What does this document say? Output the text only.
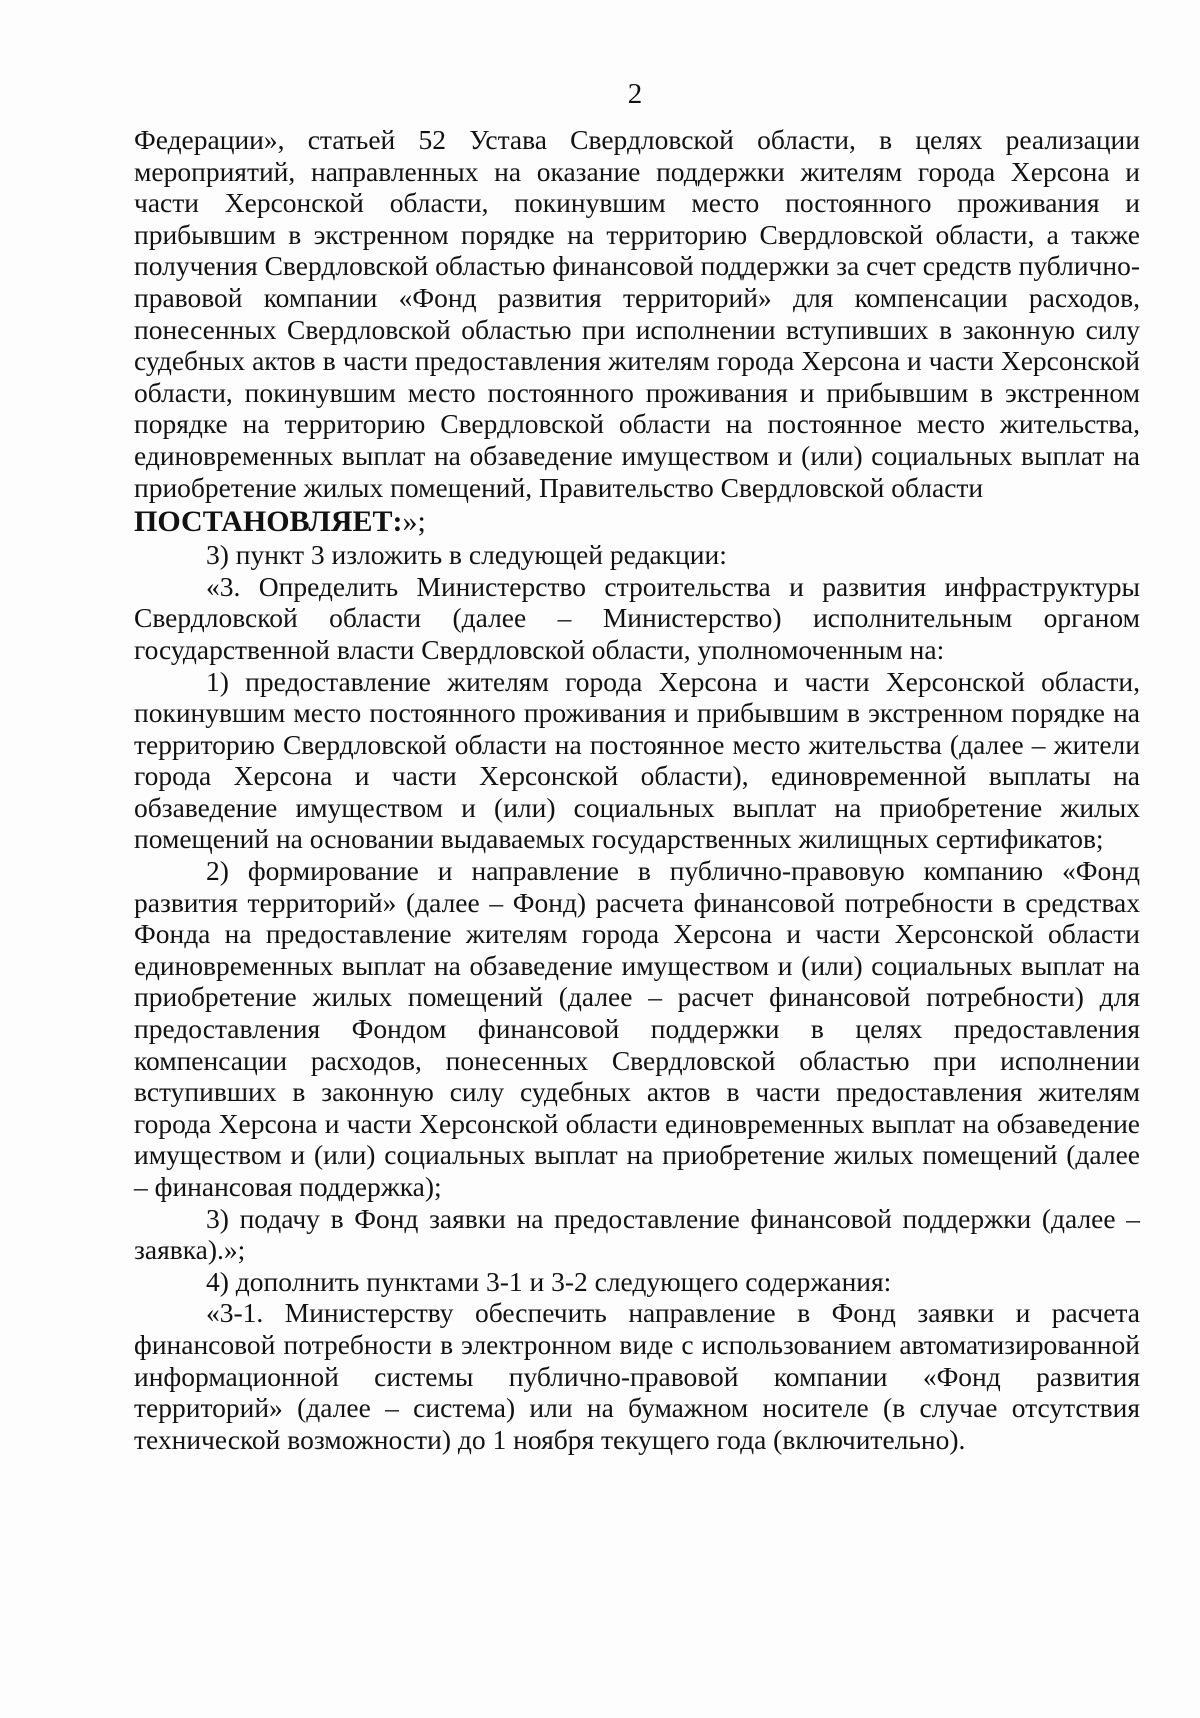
2

Федерации», статьей 52 Устава Свердловской области, в целях реализации мероприятий, направленных на оказание поддержки жителям города Херсона и части Херсонской области, покинувшим место постоянного проживания и прибывшим в экстренном порядке на территорию Свердловской области, а также получения Свердловской областью финансовой поддержки за счет средств публично-правовой компании «Фонд развития территорий» для компенсации расходов, понесенных Свердловской областью при исполнении вступивших в законную силу судебных актов в части предоставления жителям города Херсона и части Херсонской области, покинувшим место постоянного проживания и прибывшим в экстренном порядке на территорию Свердловской области на постоянное место жительства, единовременных выплат на обзаведение имуществом и (или) социальных выплат на приобретение жилых помещений, Правительство Свердловской области

ПОСТАНОВЛЯЕТ:»;

3) пункт 3 изложить в следующей редакции:

«3. Определить Министерство строительства и развития инфраструктуры Свердловской области (далее – Министерство) исполнительным органом государственной власти Свердловской области, уполномоченным на:

1) предоставление жителям города Херсона и части Херсонской области, покинувшим место постоянного проживания и прибывшим в экстренном порядке на территорию Свердловской области на постоянное место жительства (далее – жители города Херсона и части Херсонской области), единовременной выплаты на обзаведение имуществом и (или) социальных выплат на приобретение жилых помещений на основании выдаваемых государственных жилищных сертификатов;

2) формирование и направление в публично-правовую компанию «Фонд развития территорий» (далее – Фонд) расчета финансовой потребности в средствах Фонда на предоставление жителям города Херсона и части Херсонской области единовременных выплат на обзаведение имуществом и (или) социальных выплат на приобретение жилых помещений (далее – расчет финансовой потребности) для предоставления Фондом финансовой поддержки в целях предоставления компенсации расходов, понесенных Свердловской областью при исполнении вступивших в законную силу судебных актов в части предоставления жителям города Херсона и части Херсонской области единовременных выплат на обзаведение имуществом и (или) социальных выплат на приобретение жилых помещений (далее – финансовая поддержка);

3) подачу в Фонд заявки на предоставление финансовой поддержки (далее – заявка).»;

4) дополнить пунктами 3-1 и 3-2 следующего содержания:

«3-1. Министерству обеспечить направление в Фонд заявки и расчета финансовой потребности в электронном виде с использованием автоматизированной информационной системы публично-правовой компании «Фонд развития территорий» (далее – система) или на бумажном носителе (в случае отсутствия технической возможности) до 1 ноября текущего года (включительно).
